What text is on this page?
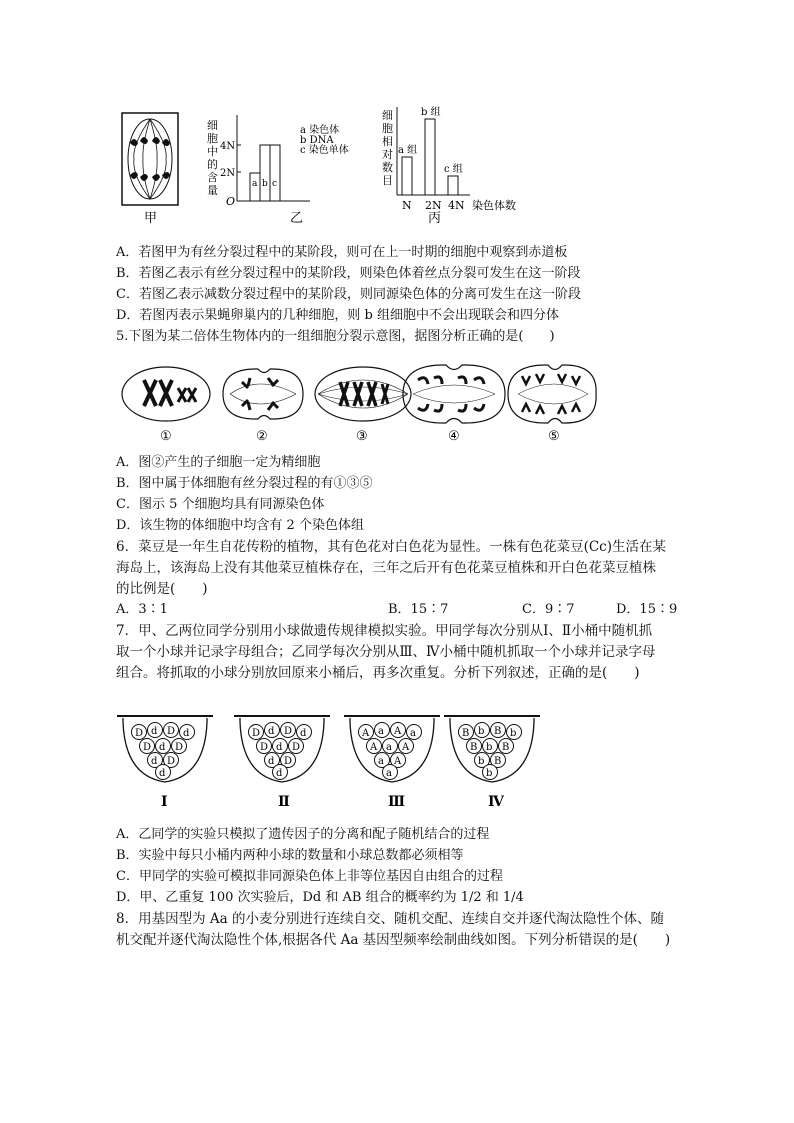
甲
细
胞
中
的
含
量
4N
2N
O
a b c
a 染色体
b DNA
c 染色单体
乙
细
胞
相
对
数
目
a 组
b 组
c 组
N 2N 4N 染色体数
丙
A．若图甲为有丝分裂过程中的某阶段，则可在上一时期的细胞中观察到赤道板
B．若图乙表示有丝分裂过程中的某阶段，则染色体着丝点分裂可发生在这一阶段
C．若图乙表示减数分裂过程中的某阶段，则同源染色体的分离可发生在这一阶段
D．若图丙表示果蝇卵巢内的几种细胞，则 b 组细胞中不会出现联会和四分体
5.下图为某二倍体生物体内的一组细胞分裂示意图，据图分析正确的是(　　)
①	②	③	④	⑤
A．图②产生的子细胞一定为精细胞
B．图中属于体细胞有丝分裂过程的有①③⑤
C．图示 5 个细胞均具有同源染色体
D．该生物的体细胞中均含有 2 个染色体组
6．菜豆是一年生自花传粉的植物，其有色花对白色花为显性。一株有色花菜豆(Cc)生活在某
海岛上，该海岛上没有其他菜豆植株存在，三年之后开有色花菜豆植株和开白色花菜豆植株
的比例是(　　)
A．3∶1	B．15∶7	C．9∶7	D．15∶9
7．甲、乙两位同学分别用小球做遗传规律模拟实验。甲同学每次分别从Ⅰ、Ⅱ小桶中随机抓
取一个小球并记录字母组合；乙同学每次分别从Ⅲ、Ⅳ小桶中随机抓取一个小球并记录字母
组合。将抓取的小球分别放回原来小桶后，再多次重复。分析下列叙述，正确的是(　　)
D d D d
D d D
d D
d
Ⅰ
D d D d
D d D
d D
d
Ⅱ
A a A a
A a A
a A
a
Ⅲ
B b B b
B b B
b B
b
Ⅳ
A．乙同学的实验只模拟了遗传因子的分离和配子随机结合的过程
B．实验中每只小桶内两种小球的数量和小球总数都必须相等
C．甲同学的实验可模拟非同源染色体上非等位基因自由组合的过程
D．甲、乙重复 100 次实验后，Dd 和 AB 组合的概率约为 1/2 和 1/4
8．用基因型为 Aa 的小麦分别进行连续自交、随机交配、连续自交并逐代淘汰隐性个体、随
机交配并逐代淘汰隐性个体,根据各代 Aa 基因型频率绘制曲线如图。下列分析错误的是(　　)
